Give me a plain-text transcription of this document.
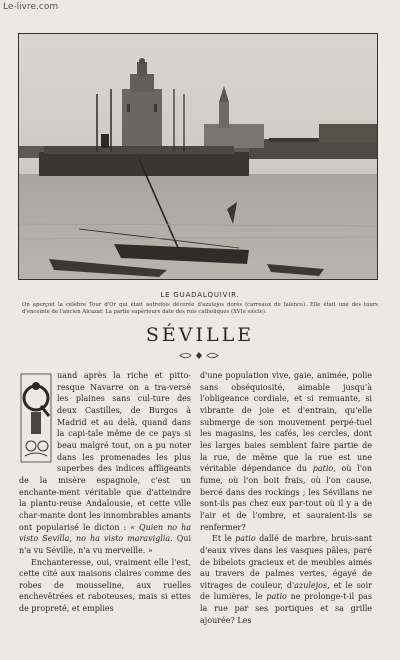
Le-livre.com
LE GUADALQUIVIR.
On aperçoit la célèbre Tour d'Or qui était autrefois décorée d'azulejos dorés (carreaux de faïence). Elle était une des tours d'enceinte de l'ancien Alcazar. La partie supérieure date des rois catholiques (XVIe siècle).
SÉVILLE

uand après la riche et pitto-resque Navarre on a tra-versé les plaines sans cul-ture des deux Castilles, de Burgos à Madrid et au delà, quand dans la capi-tale même de ce pays si beau malgré tout, on a pu noter dans les promenades les plus superbes des indices affligeants de la misère espagnole, c'est un enchante-ment véritable que d'atteindre la plantu-reuse Andalousie, et cette ville char-mante dont les innombrables amants ont popularisé le dicton : « Quien no ha visto Sevilla, no ha visto maraviglia. Qui n'a vu Séville, n'a vu merveille. »

Enchanteresse, oui, vraiment elle l'est, cette cité aux maisons claires comme des robes de mousseline, aux ruelles enchevêtrées et raboteuses, mais si ettes de propreté, et emplies

d'une population vive, gaie, animée, polie sans obséquiosité, aimable jusqu'à l'obligeance cordiale, et si remuante, si vibrante de joie et d'entrain, qu'elle submerge de son mouvement perpé-tuel les magasins, les cafés, les cercles, dont les larges baies semblent faire partie de la rue, de même que la rue est une véritable dépendance du patio, où l'on fume, où l'on boit frais, où l'on cause, bercé dans des rockings ; les Sévillans ne sont-ils pas chez eux par-tout où il y a de l'air et de l'ombre, et sauraient-ils se renfermer?

Et le patio dallé de marbre, bruis-sant d'eaux vives dans les vasques pâles, paré de bibelots gracieux et de meubles aimés au travers de palmes vertes, égayé de vitrages de couleur, d'azulejos, et le soir de lumières, le patio ne prolonge-t-il pas la rue par ses portiques et sa grille ajourée? Les
